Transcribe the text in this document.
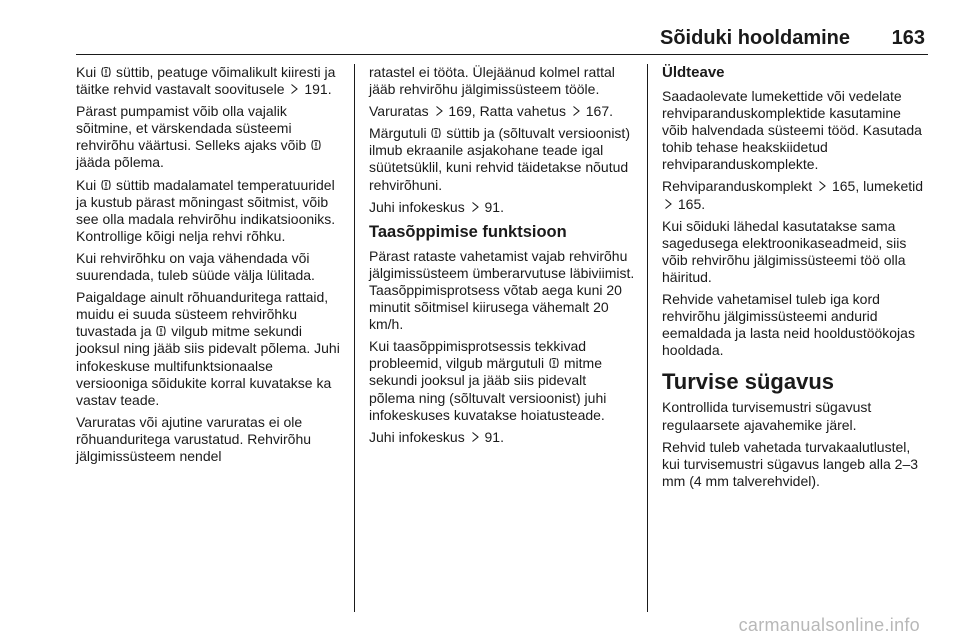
Sõiduki hooldamine 163

Kui  süttib, peatuge võimalikult kiiresti ja täitke rehvid vastavalt soovitusele  191.

Pärast pumpamist võib olla vajalik sõitmine, et värskendada süsteemi rehvirõhu väärtusi. Selleks ajaks võib  jääda põlema.

Kui  süttib madalamatel temperatuuridel ja kustub pärast mõningast sõitmist, võib see olla madala rehvirõhu indikatsiooniks. Kontrollige kõigi nelja rehvi rõhku.

Kui rehvirõhku on vaja vähendada või suurendada, tuleb süüde välja lülitada.

Paigaldage ainult rõhuanduritega rattaid, muidu ei suuda süsteem rehvirõhku tuvastada ja  vilgub mitme sekundi jooksul ning jääb siis pidevalt põlema. Juhi infokeskuse multifunktsionaalse versiooniga sõidukite korral kuvatakse ka vastav teade.

Varuratas või ajutine varuratas ei ole rõhuanduritega varustatud. Rehvirõhu jälgimissüsteem nendel

ratastel ei tööta. Ülejäänud kolmel rattal jääb rehvirõhu jälgimissüsteem tööle.

Varuratas  169, Ratta vahetus  167.

Märgutuli  süttib ja (sõltuvalt versioonist) ilmub ekraanile asjakohane teade igal süütetsüklil, kuni rehvid täidetakse nõutud rehvirõhuni.

Juhi infokeskus  91.

Taasõppimise funktsioon

Pärast rataste vahetamist vajab rehvirõhu jälgimissüsteem ümberarvutuse läbiviimist. Taasõppimisprotsess võtab aega kuni 20 minutit sõitmisel kiirusega vähemalt 20 km/h.

Kui taasõppimisprotsessis tekkivad probleemid, vilgub märgutuli  mitme sekundi jooksul ja jääb siis pidevalt põlema ning (sõltuvalt versioonist) juhi infokeskuses kuvatakse hoiatusteade.

Juhi infokeskus  91.

Üldteave

Saadaolevate lumekettide või vedelate rehviparanduskomplektide kasutamine võib halvendada süsteemi tööd. Kasutada tohib tehase heakskiidetud rehviparanduskomplekte.

Rehviparanduskomplekt  165, lumeketid  165.

Kui sõiduki lähedal kasutatakse sama sagedusega elektroonikaseadmeid, siis võib rehvirõhu jälgimissüsteemi töö olla häiritud.

Rehvide vahetamisel tuleb iga kord rehvirõhu jälgimissüsteemi andurid eemaldada ja lasta neid hooldustöökojas hooldada.

Turvise sügavus

Kontrollida turvisemustri sügavust regulaarsete ajavahemike järel.

Rehvid tuleb vahetada turvakaalutlustel, kui turvisemustri sügavus langeb alla 2–3 mm (4 mm talverehvidel).

carmanualsonline.info
